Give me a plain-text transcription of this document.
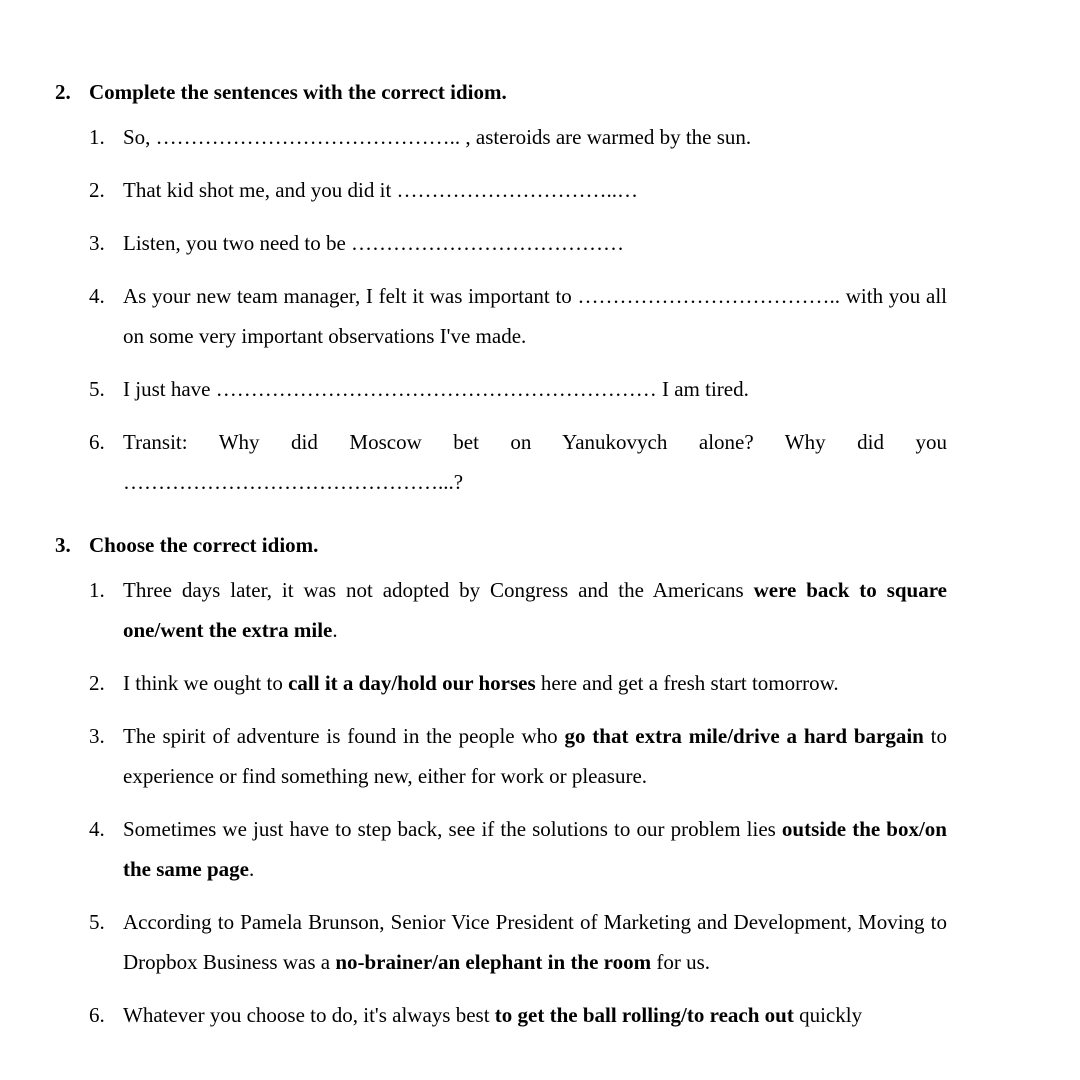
2. Complete the sentences with the correct idiom.
1. So, …………………………………….. , asteroids are warmed by the sun.
2. That kid shot me, and you did it …………………………..…
3. Listen, you two need to be …………………………………
4. As your new team manager, I felt it was important to ……………………………….. with you all on some very important observations I've made.
5. I just have ……………………………………………………… I am tired.
6. Transit: Why did Moscow bet on Yanukovych alone? Why did you ………………………………………...?
3. Choose the correct idiom.
1. Three days later, it was not adopted by Congress and the Americans were back to square one/went the extra mile.
2. I think we ought to call it a day/hold our horses here and get a fresh start tomorrow.
3. The spirit of adventure is found in the people who go that extra mile/drive a hard bargain to experience or find something new, either for work or pleasure.
4. Sometimes we just have to step back, see if the solutions to our problem lies outside the box/on the same page.
5. According to Pamela Brunson, Senior Vice President of Marketing and Development, Moving to Dropbox Business was a no-brainer/an elephant in the room for us.
6. Whatever you choose to do, it's always best to get the ball rolling/to reach out quickly
